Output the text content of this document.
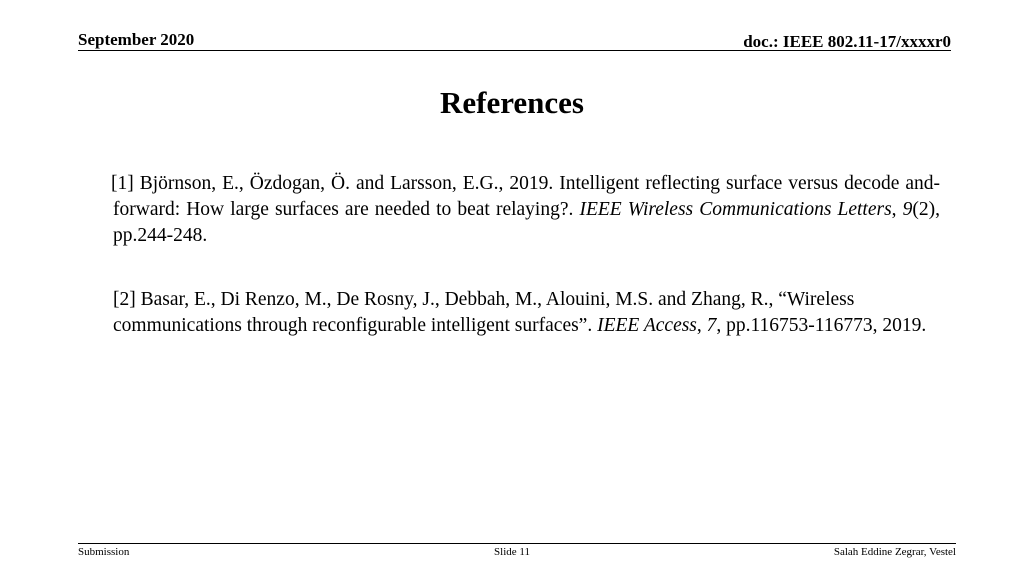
September 2020	doc.: IEEE 802.11-17/xxxxr0
References

[1] Björnson, E., Özdogan, Ö. and Larsson, E.G., 2019. Intelligent reflecting surface versus decode and-forward: How large surfaces are needed to beat relaying?. IEEE Wireless Communications Letters, 9(2), pp.244-248.

[2] Basar, E., Di Renzo, M., De Rosny, J., Debbah, M., Alouini, M.S. and Zhang, R., “Wireless communications through reconfigurable intelligent surfaces”. IEEE Access, 7, pp.116753-116773, 2019.

Submission	Slide 11	Salah Eddine Zegrar, Vestel
